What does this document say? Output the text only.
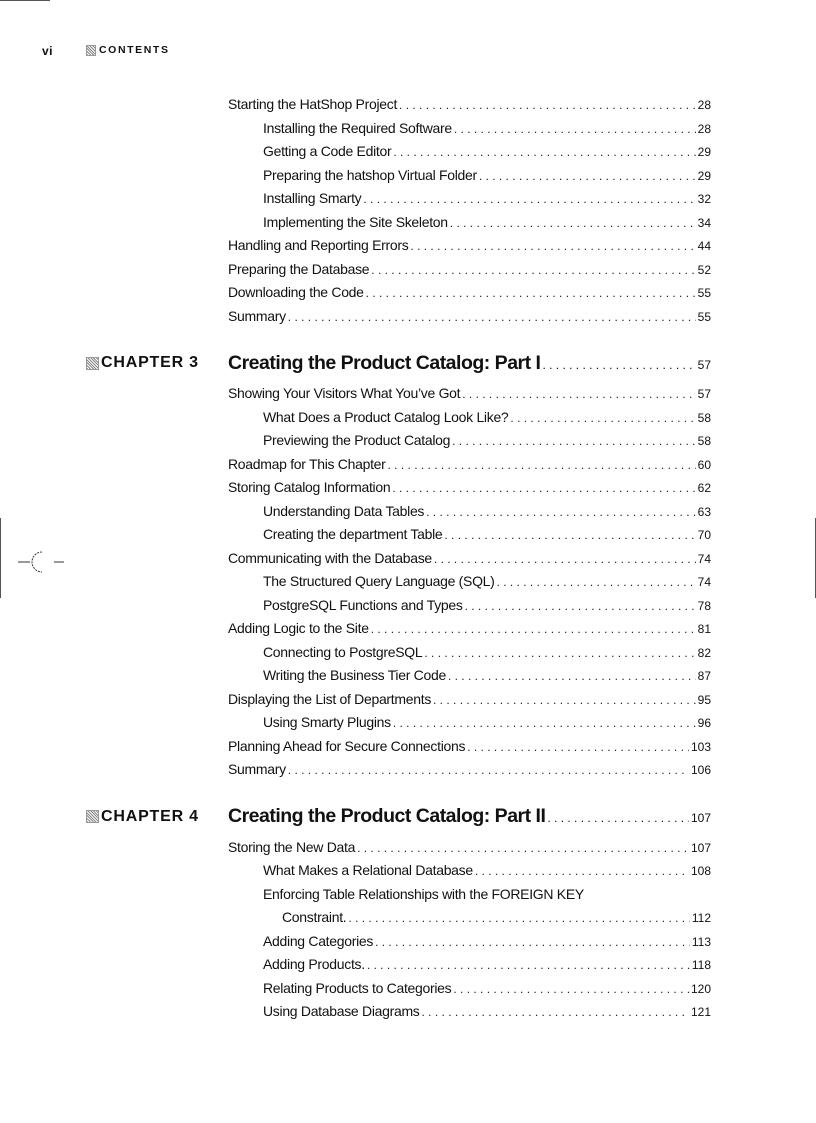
vi	CONTENTS
Starting the HatShop Project . . .	28
Installing the Required Software . . .	28
Getting a Code Editor . . .	29
Preparing the hatshop Virtual Folder . . .	29
Installing Smarty . . .	32
Implementing the Site Skeleton . . .	34
Handling and Reporting Errors . . .	44
Preparing the Database . . .	52
Downloading the Code . . .	55
Summary . . .	55
CHAPTER 3 Creating the Product Catalog: Part I . . .	57
Showing Your Visitors What You’ve Got . . .	57
What Does a Product Catalog Look Like? . . .	58
Previewing the Product Catalog . . .	58
Roadmap for This Chapter . . .	60
Storing Catalog Information . . .	62
Understanding Data Tables . . .	63
Creating the department Table . . .	70
Communicating with the Database . . .	74
The Structured Query Language (SQL) . . .	74
PostgreSQL Functions and Types . . .	78
Adding Logic to the Site . . .	81
Connecting to PostgreSQL . . .	82
Writing the Business Tier Code . . .	87
Displaying the List of Departments . . .	95
Using Smarty Plugins . . .	96
Planning Ahead for Secure Connections . . .	103
Summary . . .	106
CHAPTER 4 Creating the Product Catalog: Part II . . .	107
Storing the New Data . . .	107
What Makes a Relational Database . . .	108
Enforcing Table Relationships with the FOREIGN KEY
Constraint. . . .	112
Adding Categories . . .	113
Adding Products. . . .	118
Relating Products to Categories . . .	120
Using Database Diagrams . . .	121
